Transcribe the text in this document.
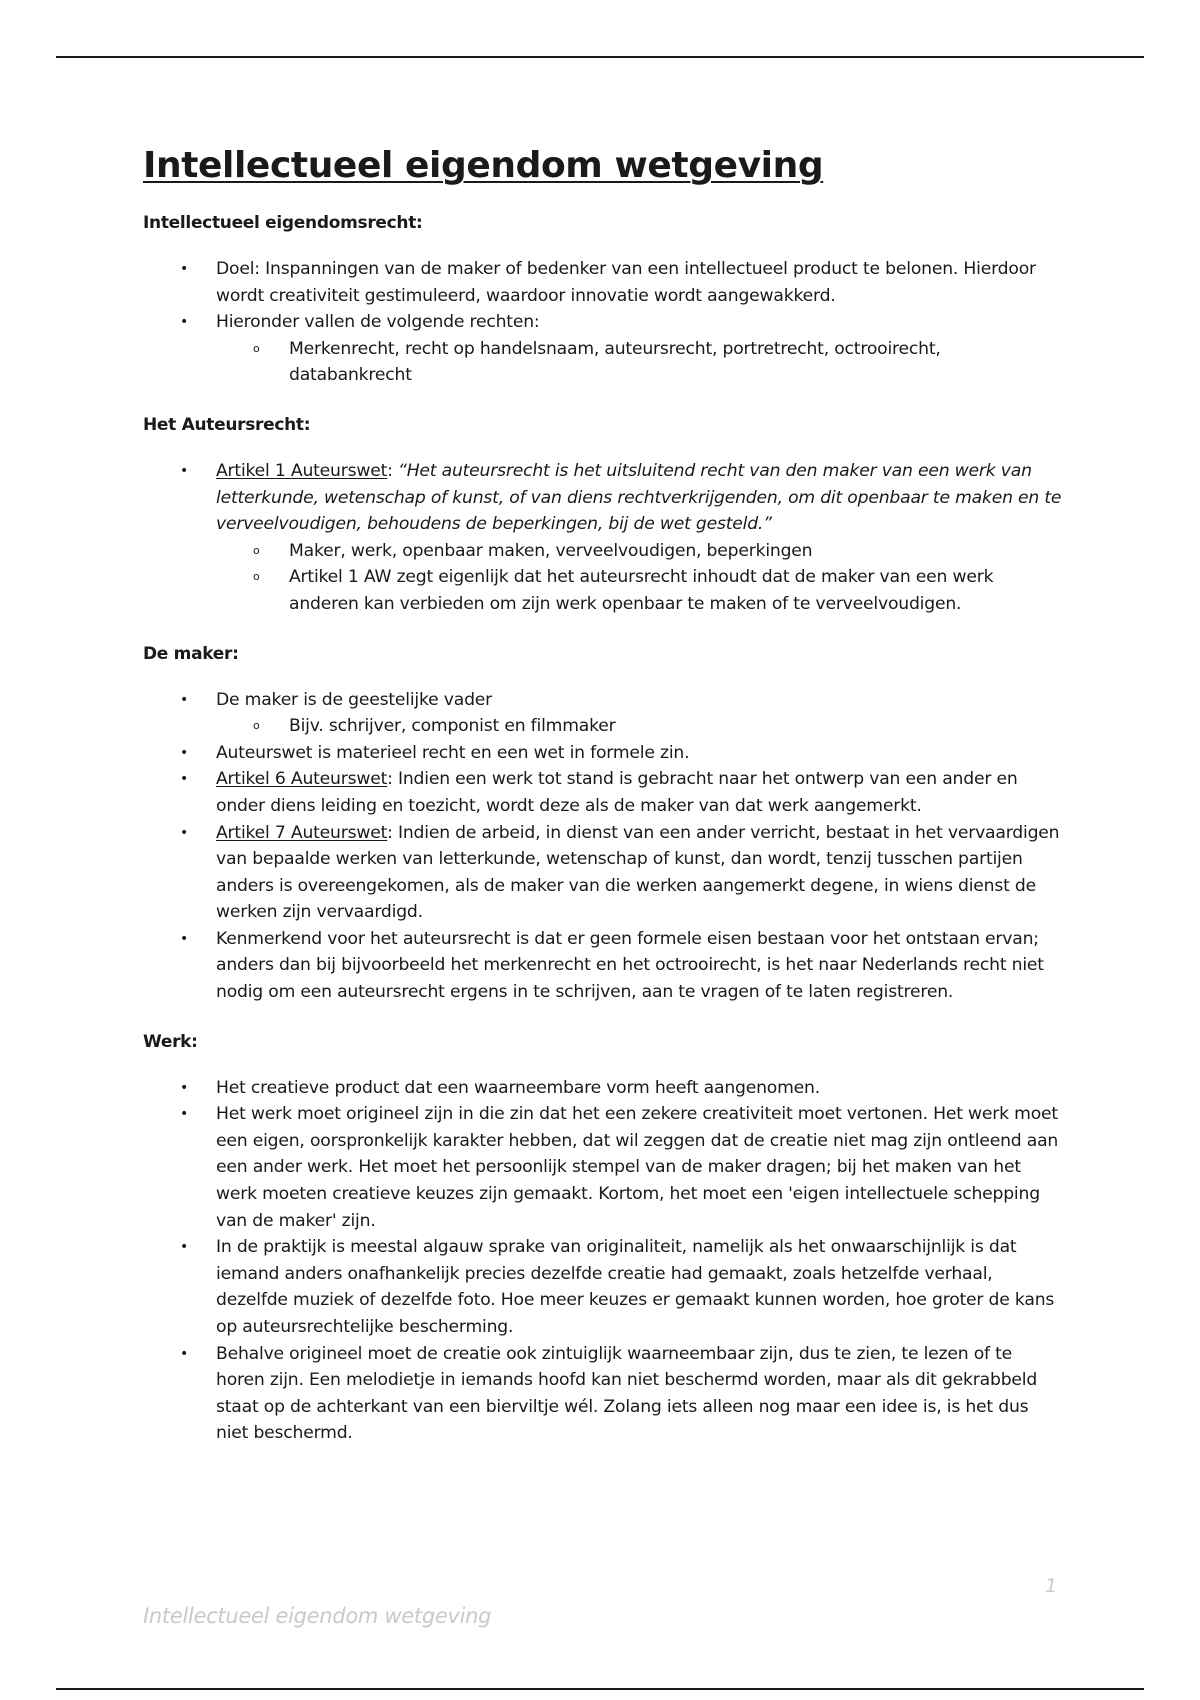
Intellectueel eigendom wetgeving

Intellectueel eigendomsrecht:

• Doel: Inspanningen van de maker of bedenker van een intellectueel product te belonen. Hierdoor wordt creativiteit gestimuleerd, waardoor innovatie wordt aangewakkerd.
• Hieronder vallen de volgende rechten:
o Merkenrecht, recht op handelsnaam, auteursrecht, portretrecht, octrooirecht, databankrecht

Het Auteursrecht:

• Artikel 1 Auteurswet: “Het auteursrecht is het uitsluitend recht van den maker van een werk van letterkunde, wetenschap of kunst, of van diens rechtverkrijgenden, om dit openbaar te maken en te verveelvoudigen, behoudens de beperkingen, bij de wet gesteld.”
o Maker, werk, openbaar maken, verveelvoudigen, beperkingen
o Artikel 1 AW zegt eigenlijk dat het auteursrecht inhoudt dat de maker van een werk anderen kan verbieden om zijn werk openbaar te maken of te verveelvoudigen.

De maker:

• De maker is de geestelijke vader
o Bijv. schrijver, componist en filmmaker
• Auteurswet is materieel recht en een wet in formele zin.
• Artikel 6 Auteurswet: Indien een werk tot stand is gebracht naar het ontwerp van een ander en onder diens leiding en toezicht, wordt deze als de maker van dat werk aangemerkt.
• Artikel 7 Auteurswet: Indien de arbeid, in dienst van een ander verricht, bestaat in het vervaardigen van bepaalde werken van letterkunde, wetenschap of kunst, dan wordt, tenzij tusschen partijen anders is overeengekomen, als de maker van die werken aangemerkt degene, in wiens dienst de werken zijn vervaardigd.
• Kenmerkend voor het auteursrecht is dat er geen formele eisen bestaan voor het ontstaan ervan; anders dan bij bijvoorbeeld het merkenrecht en het octrooirecht, is het naar Nederlands recht niet nodig om een auteursrecht ergens in te schrijven, aan te vragen of te laten registreren.

Werk:

• Het creatieve product dat een waarneembare vorm heeft aangenomen.
• Het werk moet origineel zijn in die zin dat het een zekere creativiteit moet vertonen. Het werk moet een eigen, oorspronkelijk karakter hebben, dat wil zeggen dat de creatie niet mag zijn ontleend aan een ander werk. Het moet het persoonlijk stempel van de maker dragen; bij het maken van het werk moeten creatieve keuzes zijn gemaakt. Kortom, het moet een 'eigen intellectuele schepping van de maker' zijn.
• In de praktijk is meestal algauw sprake van originaliteit, namelijk als het onwaarschijnlijk is dat iemand anders onafhankelijk precies dezelfde creatie had gemaakt, zoals hetzelfde verhaal, dezelfde muziek of dezelfde foto. Hoe meer keuzes er gemaakt kunnen worden, hoe groter de kans op auteursrechtelijke bescherming.
• Behalve origineel moet de creatie ook zintuiglijk waarneembaar zijn, dus te zien, te lezen of te horen zijn. Een melodietje in iemands hoofd kan niet beschermd worden, maar als dit gekrabbeld staat op de achterkant van een bierviltje wél. Zolang iets alleen nog maar een idee is, is het dus niet beschermd.
1
Intellectueel eigendom wetgeving
